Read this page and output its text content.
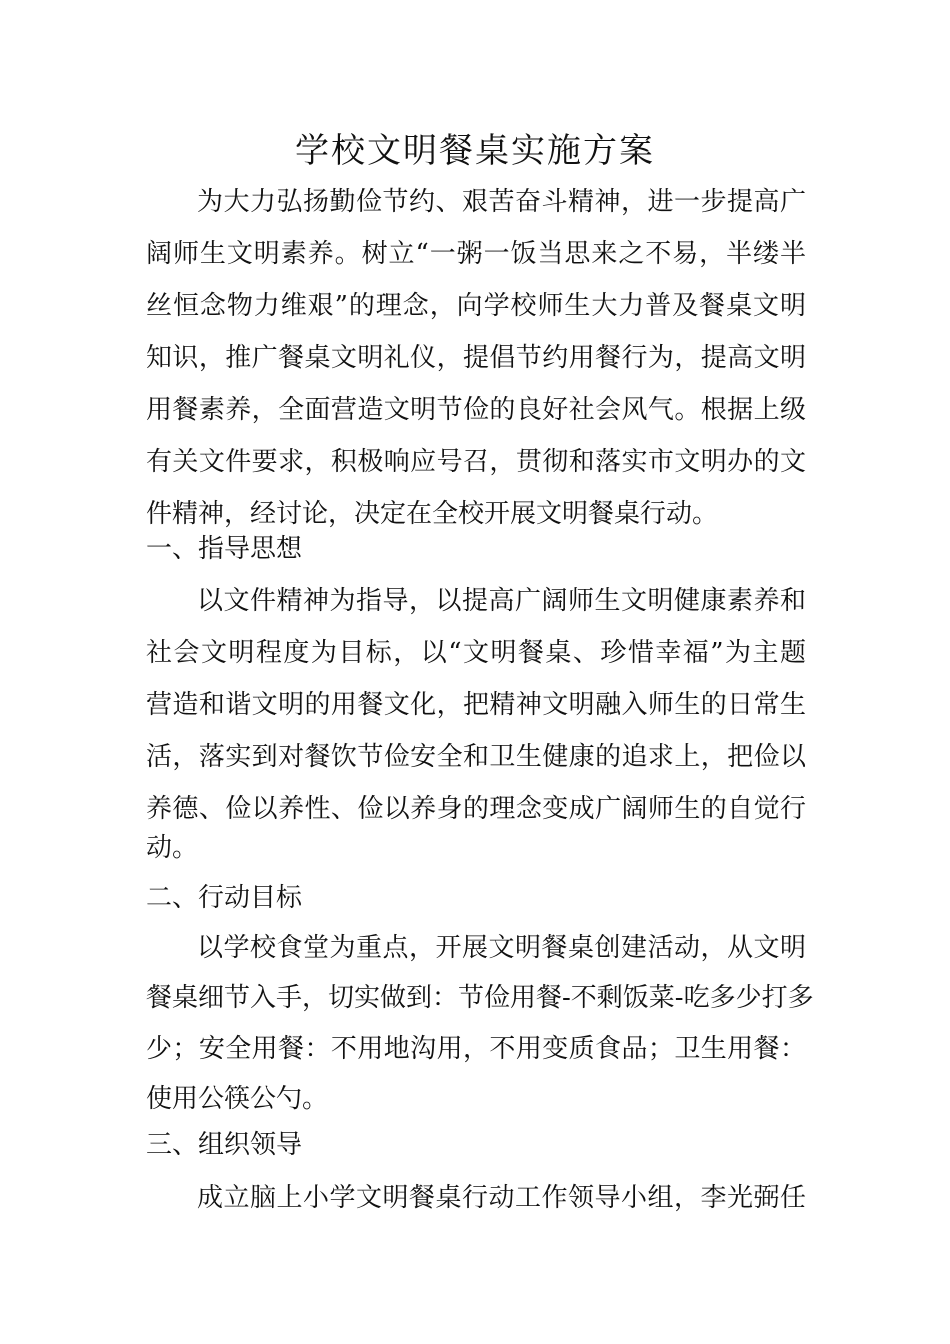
学校文明餐桌实施方案

为大力弘扬勤俭节约、艰苦奋斗精神，进一步提高广

阔师生文明素养。树立“一粥一饭当思来之不易，半缕半

丝恒念物力维艰”的理念，向学校师生大力普及餐桌文明

知识，推广餐桌文明礼仪，提倡节约用餐行为，提高文明

用餐素养，全面营造文明节俭的良好社会风气。根据上级

有关文件要求，积极响应号召，贯彻和落实市文明办的文

件精神，经讨论，决定在全校开展文明餐桌行动。

一、指导思想

以文件精神为指导，以提高广阔师生文明健康素养和

社会文明程度为目标，以“文明餐桌、珍惜幸福”为主题

营造和谐文明的用餐文化，把精神文明融入师生的日常生

活，落实到对餐饮节俭安全和卫生健康的追求上，把俭以

养德、俭以养性、俭以养身的理念变成广阔师生的自觉行

动。

二、行动目标

以学校食堂为重点，开展文明餐桌创建活动，从文明

餐桌细节入手，切实做到：节俭用餐-不剩饭菜-吃多少打多

少；安全用餐：不用地沟用，不用变质食品；卫生用餐：

使用公筷公勺。

三、组织领导

成立脑上小学文明餐桌行动工作领导小组，李光弼任
